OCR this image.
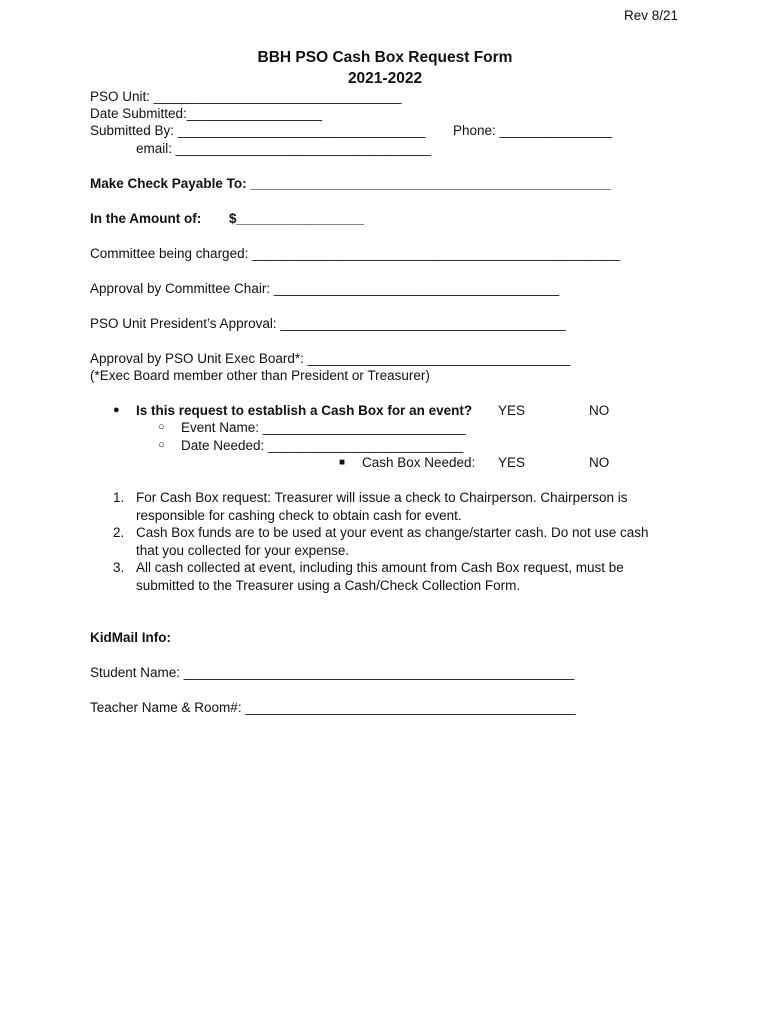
Rev 8/21
BBH PSO Cash Box Request Form
2021-2022
PSO Unit: _________________________________
Date Submitted:__________________
Submitted By: _________________________________ Phone: _______________
email: __________________________________
Make Check Payable To: ________________________________________________
In the Amount of: $_________________
Committee being charged: _________________________________________________
Approval by Committee Chair: ______________________________________
PSO Unit President’s Approval: ______________________________________
Approval by PSO Unit Exec Board*: ___________________________________
(*Exec Board member other than President or Treasurer)
● Is this request to establish a Cash Box for an event? YES	NO
○ Event Name: ___________________________
○ Date Needed: __________________________
■ Cash Box Needed: YES	NO
1. For Cash Box request: Treasurer will issue a check to Chairperson. Chairperson is
responsible for cashing check to obtain cash for event.
2. Cash Box funds are to be used at your event as change/starter cash. Do not use cash
that you collected for your expense.
3. All cash collected at event, including this amount from Cash Box request, must be
submitted to the Treasurer using a Cash/Check Collection Form.
KidMail Info:
Student Name: ____________________________________________________
Teacher Name & Room#: ____________________________________________
